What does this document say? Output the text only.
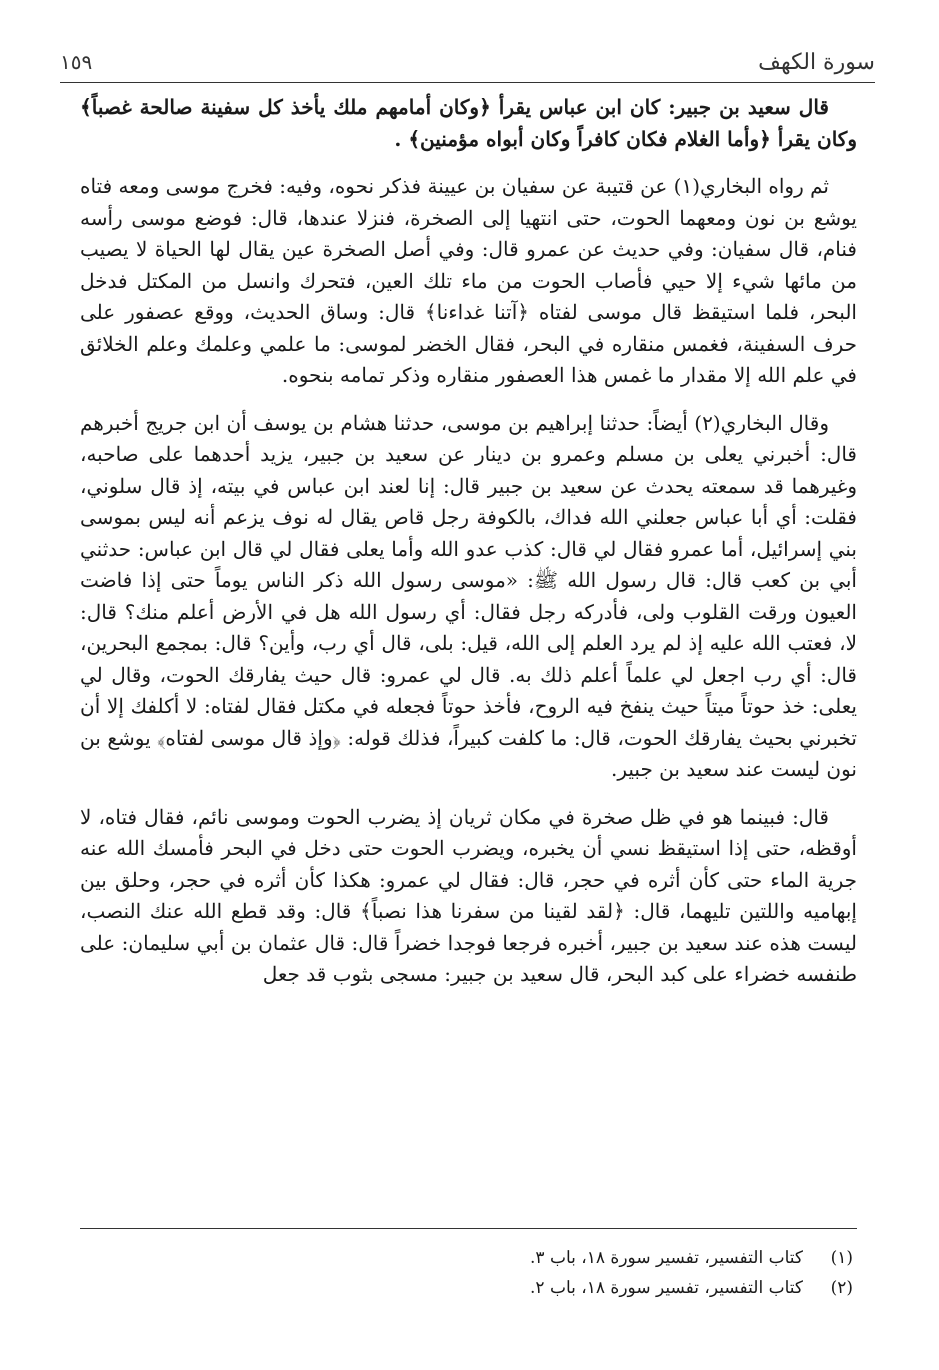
سورة الكهف
١٥٩

قال سعيد بن جبير: كان ابن عباس يقرأ ﴿وكان أمامهم ملك يأخذ كل سفينة صالحة غصباً﴾ وكان يقرأ ﴿وأما الغلام فكان كافراً وكان أبواه مؤمنين﴾ .

ثم رواه البخاري(١) عن قتيبة عن سفيان بن عيينة فذكر نحوه، وفيه: فخرج موسى ومعه فتاه يوشع بن نون ومعهما الحوت، حتى انتهيا إلى الصخرة، فنزلا عندها، قال: فوضع موسى رأسه فنام، قال سفيان: وفي حديث عن عمرو قال: وفي أصل الصخرة عين يقال لها الحياة لا يصيب من مائها شيء إلا حيي فأصاب الحوت من ماء تلك العين، فتحرك وانسل من المكتل فدخل البحر، فلما استيقظ قال موسى لفتاه ﴿آتنا غداءنا﴾ قال: وساق الحديث، ووقع عصفور على حرف السفينة، فغمس منقاره في البحر، فقال الخضر لموسى: ما علمي وعلمك وعلم الخلائق في علم الله إلا مقدار ما غمس هذا العصفور منقاره وذكر تمامه بنحوه.

وقال البخاري(٢) أيضاً: حدثنا إبراهيم بن موسى، حدثنا هشام بن يوسف أن ابن جريج أخبرهم قال: أخبرني يعلى بن مسلم وعمرو بن دينار عن سعيد بن جبير، يزيد أحدهما على صاحبه، وغيرهما قد سمعته يحدث عن سعيد بن جبير قال: إنا لعند ابن عباس في بيته، إذ قال سلوني، فقلت: أي أبا عباس جعلني الله فداك، بالكوفة رجل قاص يقال له نوف يزعم أنه ليس بموسى بني إسرائيل، أما عمرو فقال لي قال: كذب عدو الله وأما يعلى فقال لي قال ابن عباس: حدثني أبي بن كعب قال: قال رسول الله ﷺ: «موسى رسول الله ذكر الناس يوماً حتى إذا فاضت العيون ورقت القلوب ولى، فأدركه رجل فقال: أي رسول الله هل في الأرض أعلم منك؟ قال: لا، فعتب الله عليه إذ لم يرد العلم إلى الله، قيل: بلى، قال أي رب، وأين؟ قال: بمجمع البحرين، قال: أي رب اجعل لي علماً أعلم ذلك به. قال لي عمرو: قال حيث يفارقك الحوت، وقال لي يعلى: خذ حوتاً ميتاً حيث ينفخ فيه الروح، فأخذ حوتاً فجعله في مكتل فقال لفتاه: لا أكلفك إلا أن تخبرني بحيث يفارقك الحوت، قال: ما كلفت كبيراً، فذلك قوله: ﴿وإذ قال موسى لفتاه﴾ يوشع بن نون ليست عند سعيد بن جبير.

قال: فبينما هو في ظل صخرة في مكان ثريان إذ يضرب الحوت وموسى نائم، فقال فتاه، لا أوقظه، حتى إذا استيقظ نسي أن يخبره، ويضرب الحوت حتى دخل في البحر فأمسك الله عنه جرية الماء حتى كأن أثره في حجر، قال: فقال لي عمرو: هكذا كأن أثره في حجر، وحلق بين إبهاميه واللتين تليهما، قال: ﴿لقد لقينا من سفرنا هذا نصباً﴾ قال: وقد قطع الله عنك النصب، ليست هذه عند سعيد بن جبير، أخبره فرجعا فوجدا خضراً قال: قال عثمان بن أبي سليمان: على طنفسه خضراء على كبد البحر، قال سعيد بن جبير: مسجى بثوب قد جعل

(١)
كتاب التفسير، تفسير سورة ١٨، باب ٣.
(٢)
كتاب التفسير، تفسير سورة ١٨، باب ٢.
